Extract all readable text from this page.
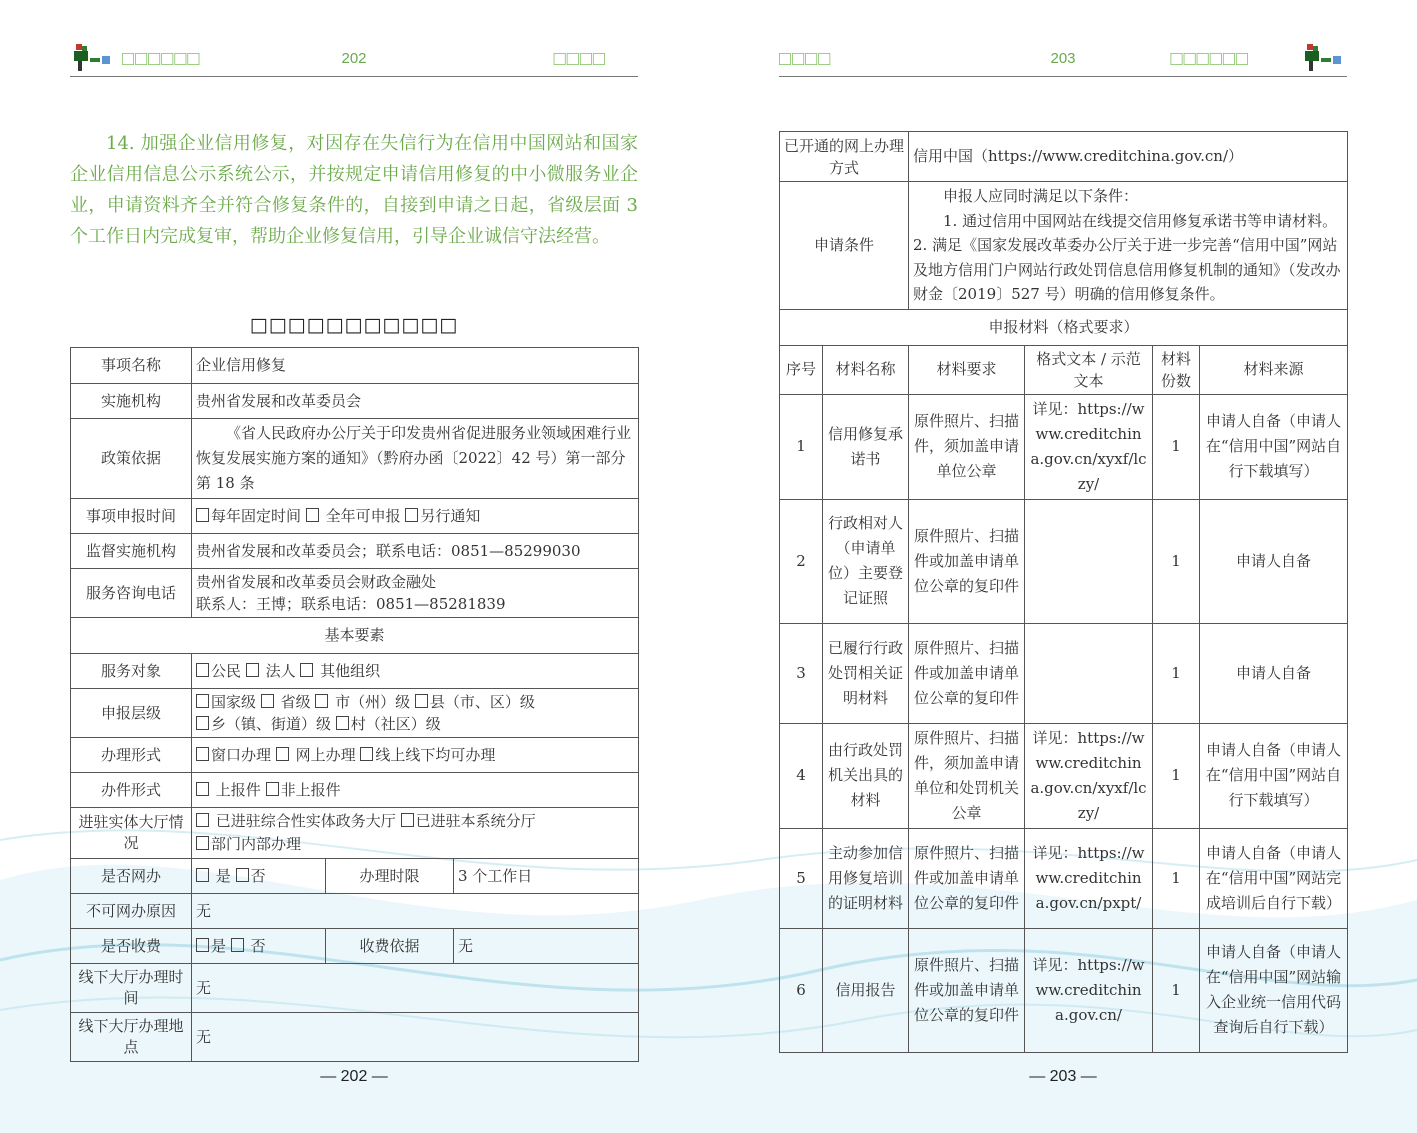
□□□□□□	202	□□□□
14. 加强企业信用修复，对因存在失信行为在信用中国网站和国家企业信用信息公示系统公示，并按规定申请信用修复的中小微服务业企业，申请资料齐全并符合修复条件的，自接到申请之日起，省级层面 3 个工作日内完成复审，帮助企业修复信用，引导企业诚信守法经营。
□□□□□□□□□□□
事项名称	企业信用修复		
实施机构	贵州省发展和改革委员会		
政策依据	《省人民政府办公厅关于印发贵州省促进服务业领域困难行业恢复发展实施方案的通知》（黔府办函〔2022〕42 号）第一部分第 18 条		
事项申报时间	每年固定时间  全年可申报 另行通知		
监督实施机构	贵州省发展和改革委员会；联系电话：0851—85299030		
服务咨询电话	贵州省发展和改革委员会财政金融处
联系人：王博；联系电话：0851—85281839		

基本要素			
服务对象	公民  法人  其他组织		
申报层级	国家级  省级  市（州）级 县（市、区）级
乡（镇、街道）级 村（社区）级		
办理形式	窗口办理  网上办理 线上线下均可办理		
办件形式	上报件 非上报件		
进驻实体大厅情况	已进驻综合性实体政务大厅 已进驻本系统分厅
部门内部办理		
是否网办	是 否	办理时限	3 个工作日
不可网办原因	无		
是否收费	是  否	收费依据	无
线下大厅办理时间	无		
线下大厅办理地点	无		
— 202 —
□□□□	203	□□□□□□
已开通的网上办理方式		信用中国（https://www.creditchina.gov.cn/）			
申请条件		申报人应同时满足以下条件：
1. 通过信用中国网站在线提交信用修复承诺书等申请材料。2. 满足《国家发展改革委办公厅关于进一步完善“信用中国”网站及地方信用门户网站行政处罚信息信用修复机制的通知》（发改办财金〔2019〕527 号）明确的信用修复条件。			

申报材料（格式要求）					
序号	材料名称	材料要求	格式文本 / 示范文本	材料份数	材料来源
1	信用修复承诺书	原件照片、扫描件，须加盖申请单位公章	详见：https://www.creditchina.gov.cn/xyxf/lczy/	1	申请人自备（申请人在“信用中国”网站自行下载填写）
2	行政相对人（申请单位）主要登记证照	原件照片、扫描件或加盖申请单位公章的复印件		1	申请人自备
3	已履行行政处罚相关证明材料	原件照片、扫描件或加盖申请单位公章的复印件		1	申请人自备
4	由行政处罚机关出具的材料	原件照片、扫描件，须加盖申请单位和处罚机关公章	详见：https://www.creditchina.gov.cn/xyxf/lczy/	1	申请人自备（申请人在“信用中国”网站自行下载填写）
5	主动参加信用修复培训的证明材料	原件照片、扫描件或加盖申请单位公章的复印件	详见：https://www.creditchina.gov.cn/pxpt/	1	申请人自备（申请人在“信用中国”网站完成培训后自行下载）
6	信用报告	原件照片、扫描件或加盖申请单位公章的复印件	详见：https://www.creditchina.gov.cn/	1	申请人自备（申请人在“信用中国”网站输入企业统一信用代码查询后自行下载）
— 203 —
